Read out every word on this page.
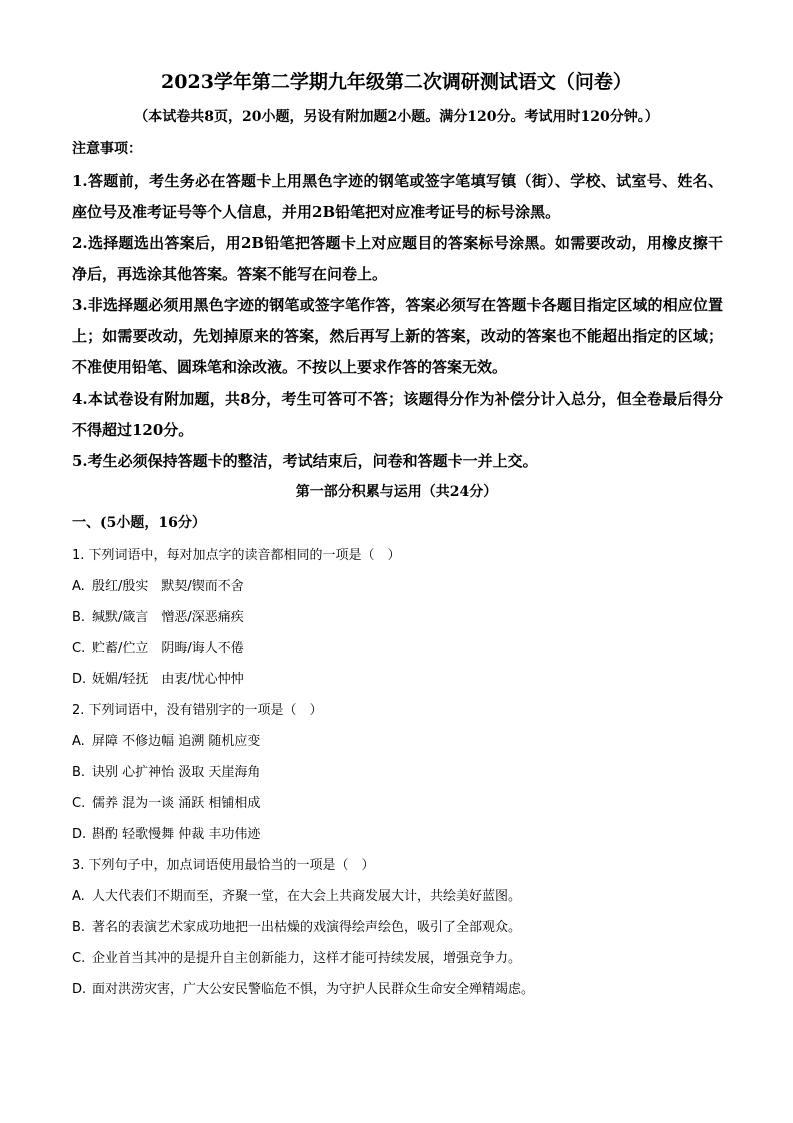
2023学年第二学期九年级第二次调研测试语文（问卷）
（本试卷共8页，20小题，另设有附加题2小题。满分120分。考试用时120分钟。）
注意事项：
1.答题前，考生务必在答题卡上用黑色字迹的钢笔或签字笔填写镇（街）、学校、试室号、姓名、座位号及准考证号等个人信息，并用2B铅笔把对应准考证号的标号涂黑。
2.选择题选出答案后，用2B铅笔把答题卡上对应题目的答案标号涂黑。如需要改动，用橡皮擦干净后，再选涂其他答案。答案不能写在问卷上。
3.非选择题必须用黑色字迹的钢笔或签字笔作答，答案必须写在答题卡各题目指定区域的相应位置上；如需要改动，先划掉原来的答案，然后再写上新的答案，改动的答案也不能超出指定的区域；不准使用铅笔、圆珠笔和涂改液。不按以上要求作答的答案无效。
4.本试卷设有附加题，共8分，考生可答可不答；该题得分作为补偿分计入总分，但全卷最后得分不得超过120分。
5.考生必须保持答题卡的整洁，考试结束后，问卷和答题卡一并上交。
第一部分积累与运用（共24分）
一、(5小题，16分）
1. 下列词语中，每对加点字的读音都相同的一项是（　）
A. 殷红/殷实　默契/锲而不舍
B. 缄默/箴言　憎恶/深恶痛疾
C. 贮蓄/伫立　阴晦/诲人不倦
D. 妩媚/轻抚　由衷/忧心忡忡
2. 下列词语中，没有错别字的一项是（　）
A. 屏障 不修边幅 追溯 随机应变
B. 诀别 心扩神怡 汲取 天崖海角
C. 儒养 混为一谈 涌跃 相铺相成
D. 斟酌 轻歌慢舞 仲裁 丰功伟迹
3. 下列句子中，加点词语使用最恰当的一项是（　）
A. 人大代表们不期而至，齐聚一堂，在大会上共商发展大计，共绘美好蓝图。
B. 著名的表演艺术家成功地把一出枯燥的戏演得绘声绘色，吸引了全部观众。
C. 企业首当其冲的是提升自主创新能力，这样才能可持续发展，增强竞争力。
D. 面对洪涝灾害，广大公安民警临危不惧，为守护人民群众生命安全殚精竭虑。
